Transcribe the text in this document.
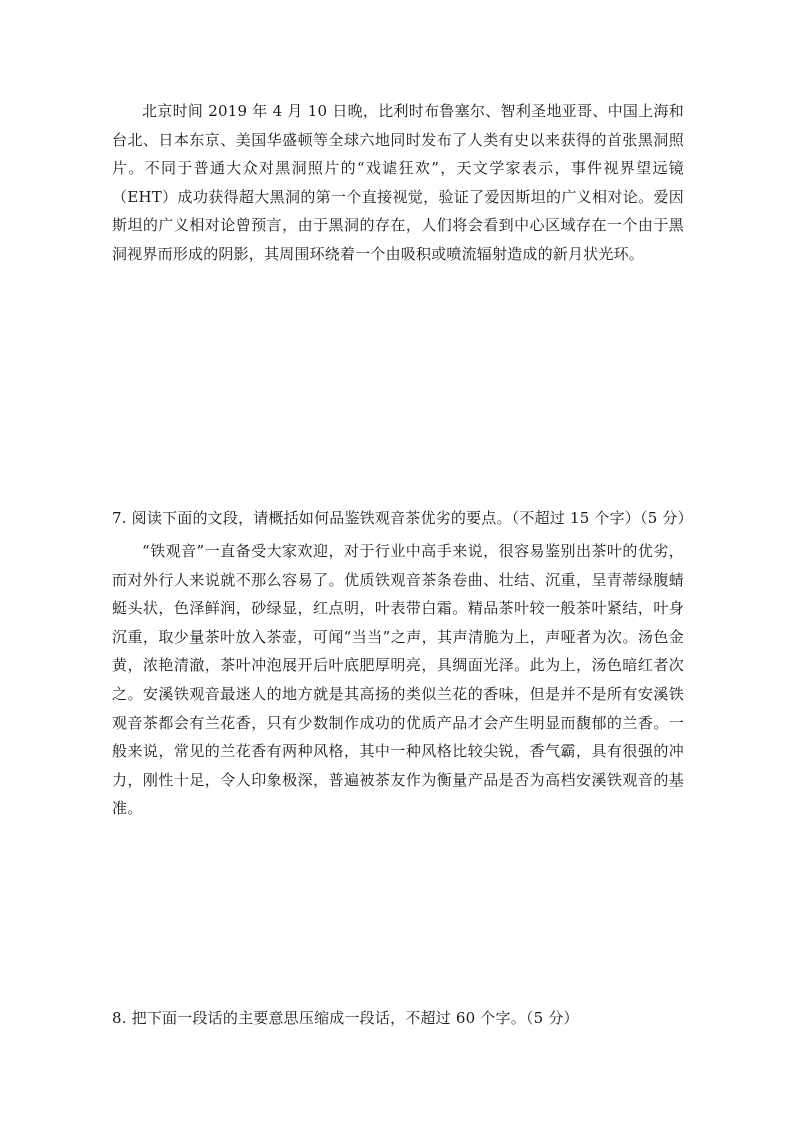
北京时间 2019 年 4 月 10 日晚，比利时布鲁塞尔、智利圣地亚哥、中国上海和台北、日本东京、美国华盛顿等全球六地同时发布了人类有史以来获得的首张黑洞照片。不同于普通大众对黑洞照片的“戏谑狂欢”，天文学家表示，事件视界望远镜（EHT）成功获得超大黑洞的第一个直接视觉，验证了爱因斯坦的广义相对论。爱因斯坦的广义相对论曾预言，由于黑洞的存在，人们将会看到中心区域存在一个由于黑洞视界而形成的阴影，其周围环绕着一个由吸积或喷流辐射造成的新月状光环。

7. 阅读下面的文段，请概括如何品鉴铁观音茶优劣的要点。（不超过 15 个字）（5 分）

“铁观音”一直备受大家欢迎，对于行业中高手来说，很容易鉴别出茶叶的优劣，而对外行人来说就不那么容易了。优质铁观音茶条卷曲、壮结、沉重，呈青蒂绿腹蜻蜓头状，色泽鲜润，砂绿显，红点明，叶表带白霜。精品茶叶较一般茶叶紧结，叶身沉重，取少量茶叶放入茶壶，可闻“当当”之声，其声清脆为上，声哑者为次。汤色金黄，浓艳清澈，茶叶冲泡展开后叶底肥厚明亮，具绸面光泽。此为上，汤色暗红者次之。安溪铁观音最迷人的地方就是其高扬的类似兰花的香味，但是并不是所有安溪铁观音茶都会有兰花香，只有少数制作成功的优质产品才会产生明显而馥郁的兰香。一般来说，常见的兰花香有两种风格，其中一种风格比较尖锐，香气霸，具有很强的冲力，刚性十足，令人印象极深，普遍被茶友作为衡量产品是否为高档安溪铁观音的基准。

8. 把下面一段话的主要意思压缩成一段话，不超过 60 个字。（5 分）
